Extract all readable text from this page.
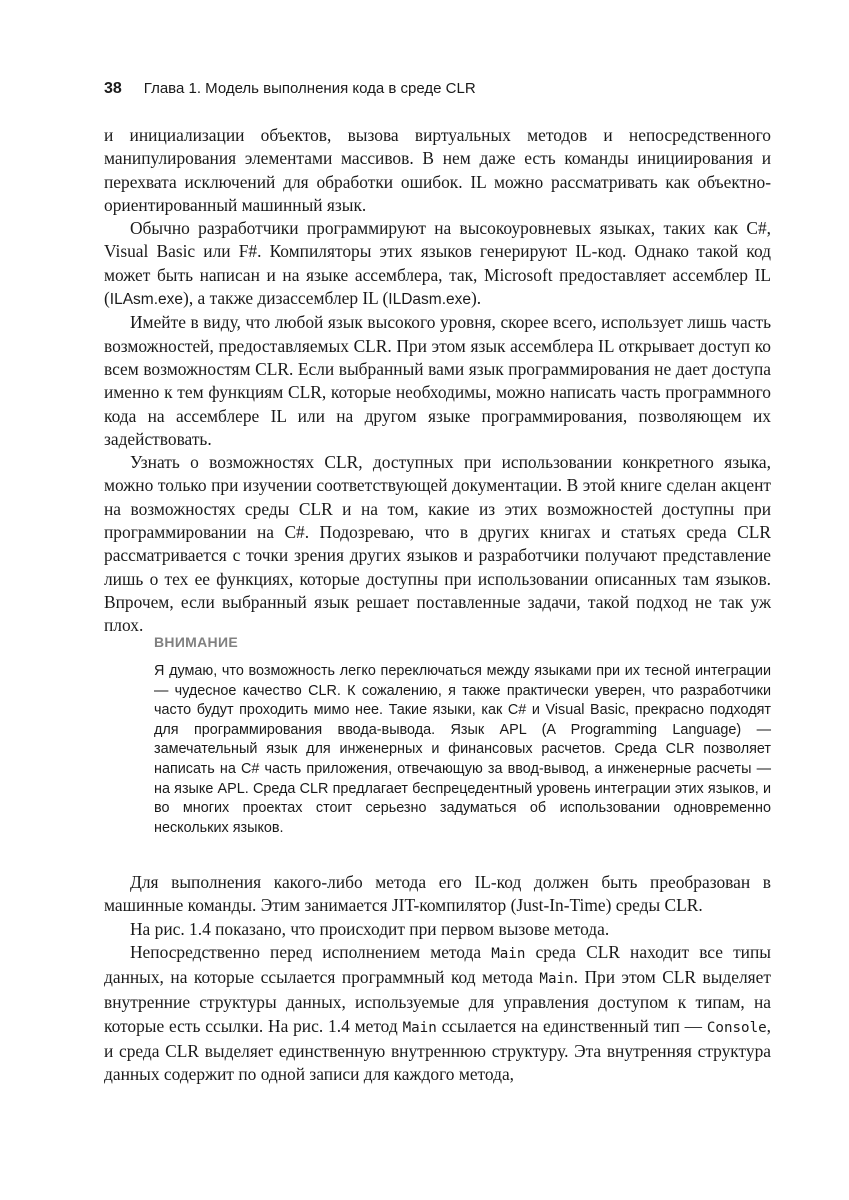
38 Глава 1. Модель выполнения кода в среде CLR

и инициализации объектов, вызова виртуальных методов и непосредственного манипулирования элементами массивов. В нем даже есть команды инициирования и перехвата исключений для обработки ошибок. IL можно рассматривать как объектно-ориентированный машинный язык.

Обычно разработчики программируют на высокоуровневых языках, таких как C#, Visual Basic или F#. Компиляторы этих языков генерируют IL-код. Однако такой код может быть написан и на языке ассемблера, так, Microsoft предоставляет ассемблер IL (ILAsm.exe), а также дизассемблер IL (ILDasm.exe).

Имейте в виду, что любой язык высокого уровня, скорее всего, использует лишь часть возможностей, предоставляемых CLR. При этом язык ассемблера IL открывает доступ ко всем возможностям CLR. Если выбранный вами язык программирования не дает доступа именно к тем функциям CLR, которые необходимы, можно написать часть программного кода на ассемблере IL или на другом языке программирования, позволяющем их задействовать.

Узнать о возможностях CLR, доступных при использовании конкретного языка, можно только при изучении соответствующей документации. В этой книге сделан акцент на возможностях среды CLR и на том, какие из этих возможностей доступны при программировании на C#. Подозреваю, что в других книгах и статьях среда CLR рассматривается с точки зрения других языков и разработчики получают представление лишь о тех ее функциях, которые доступны при использовании описанных там языков. Впрочем, если выбранный язык решает поставленные задачи, такой подход не так уж плох.

ВНИМАНИЕ

Я думаю, что возможность легко переключаться между языками при их тесной интеграции — чудесное качество CLR. К сожалению, я также практически уверен, что разработчики часто будут проходить мимо нее. Такие языки, как C# и Visual Basic, прекрасно подходят для программирования ввода-вывода. Язык APL (A Programming Language) — замечательный язык для инженерных и финансовых расчетов. Среда CLR позволяет написать на C# часть приложения, отвечающую за ввод-вывод, а инженерные расчеты — на языке APL. Среда CLR предлагает беспрецедентный уровень интеграции этих языков, и во многих проектах стоит серьезно задуматься об использовании одновременно нескольких языков.

Для выполнения какого-либо метода его IL-код должен быть преобразован в машинные команды. Этим занимается JIT-компилятор (Just-In-Time) среды CLR.

На рис. 1.4 показано, что происходит при первом вызове метода.

Непосредственно перед исполнением метода Main среда CLR находит все типы данных, на которые ссылается программный код метода Main. При этом CLR выделяет внутренние структуры данных, используемые для управления доступом к типам, на которые есть ссылки. На рис. 1.4 метод Main ссылается на единственный тип — Console, и среда CLR выделяет единственную внутреннюю структуру. Эта внутренняя структура данных содержит по одной записи для каждого метода,
